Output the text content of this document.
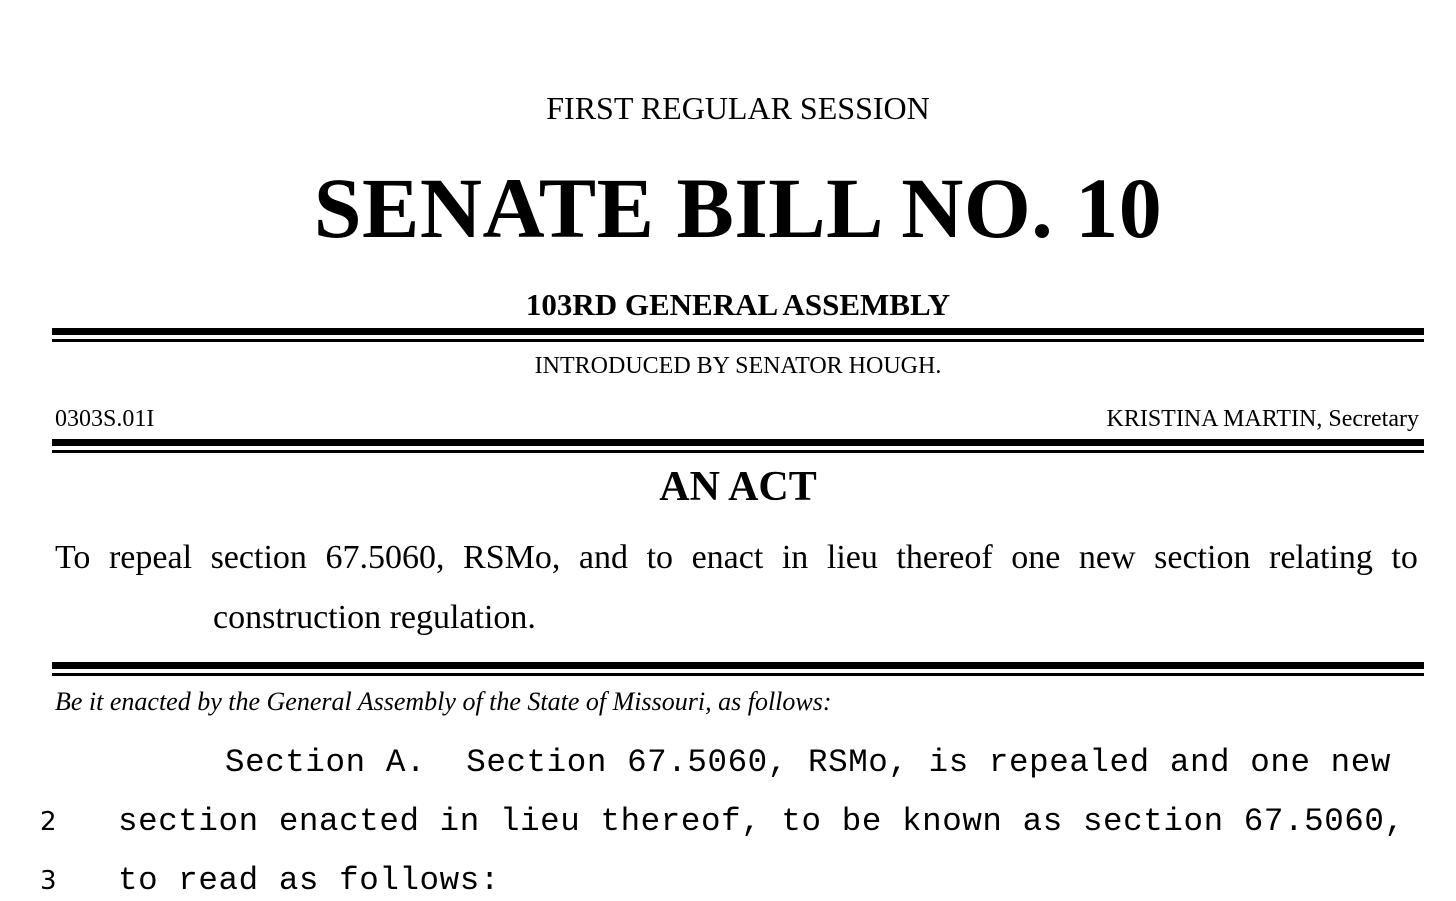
FIRST REGULAR SESSION
SENATE BILL NO. 10
103RD GENERAL ASSEMBLY
INTRODUCED BY SENATOR HOUGH.
0303S.01I	KRISTINA MARTIN, Secretary
AN ACT
To repeal section 67.5060, RSMo, and to enact in lieu thereof one new section relating to
construction regulation.
Be it enacted by the General Assembly of the State of Missouri, as follows:
Section A.  Section 67.5060, RSMo, is repealed and one new
2 section enacted in lieu thereof, to be known as section 67.5060,
3 to read as follows:
